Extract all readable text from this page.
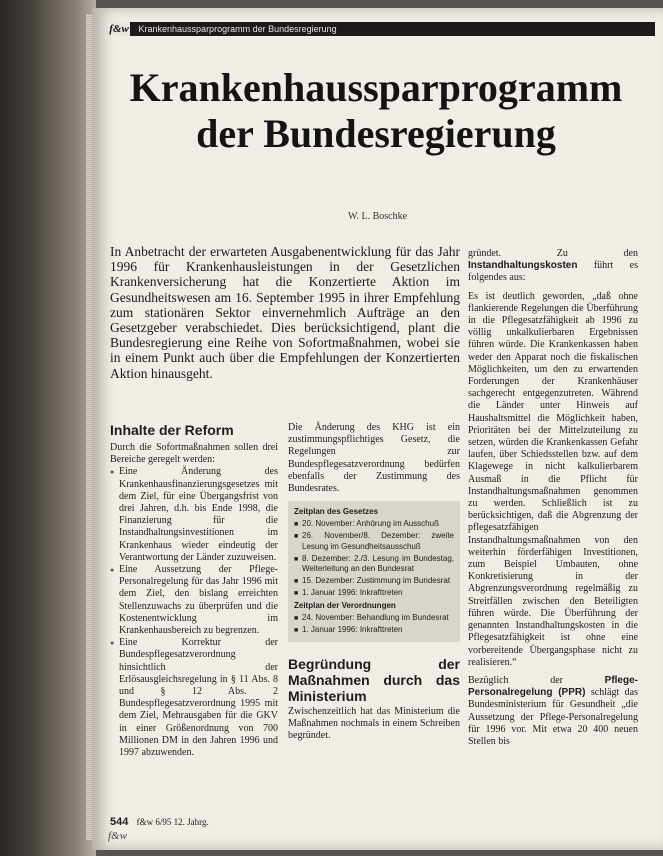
f&w Krankenhaussparprogramm der Bundesregierung
Krankenhaussparprogramm
der Bundesregierung
W. L. Boschke
In Anbetracht der erwarteten Ausgabenentwicklung für das Jahr 1996 für Krankenhausleistungen in der Gesetzlichen Krankenversicherung hat die Konzertierte Aktion im Gesundheitswesen am 16. September 1995 in ihrer Empfehlung zum stationären Sektor einvernehmlich Aufträge an den Gesetzgeber verabschiedet. Dies berücksichtigend, plant die Bundesregierung eine Reihe von Sofortmaßnahmen, wobei sie in einem Punkt auch über die Empfehlungen der Konzertierten Aktion hinausgeht.
Inhalte der Reform

Durch die Sofortmaßnahmen sollen drei Bereiche geregelt werden:

● Eine Änderung des Krankenhausfinanzierungsgesetzes mit dem Ziel, für eine Übergangsfrist von drei Jahren, d.h. bis Ende 1998, die Finanzierung für die Instandhaltungsinvestitionen im Krankenhaus wieder eindeutig der Verantwortung der Länder zuzuweisen.

● Eine Aussetzung der Pflege-Personalregelung für das Jahr 1996 mit dem Ziel, den bislang erreichten Stellenzuwachs zu überprüfen und die Kostenentwicklung im Krankenhausbereich zu begrenzen.

● Eine Korrektur der Bundespflegesatzverordnung hinsichtlich der Erlösausgleichsregelung in § 11 Abs. 8 und § 12 Abs. 2 Bundespflegesatzverordnung 1995 mit dem Ziel, Mehrausgaben für die GKV in einer Größenordnung von 700 Millionen DM in den Jahren 1996 und 1997 abzuwenden.

Die Änderung des KHG ist ein zustimmungspflichtiges Gesetz, die Regelungen zur Bundespflegesatzverordnung bedürfen ebenfalls der Zustimmung des Bundesrates.

Zeitplan des Gesetzes

■ 20. November: Anhörung im Ausschuß

■ 26. November/8. Dezember: zweite Lesung im Gesundheitsausschuß

■ 8. Dezember: 2./3. Lesung im Bundestag, Weiterleitung an den Bundesrat

■ 15. Dezember: Zustimmung im Bundesrat

■ 1. Januar 1996: Inkrafttreten

Zeitplan der Verordnungen

■ 24. November: Behandlung im Bundesrat

■ 1. Januar 1996: Inkrafttreten

Begründung der Maßnahmen durch das Ministerium

Zwischenzeitlich hat das Ministerium die Maßnahmen nochmals in einem Schreiben begründet.

gründet. Zu den Instandhaltungskosten führt es folgendes aus:

Es ist deutlich geworden, „daß ohne flankierende Regelungen die Überführung in die Pflegesatzfähigkeit ab 1996 zu völlig unkalkulierbaren Ergebnissen führen würde. Die Krankenkassen haben weder den Apparat noch die fiskalischen Möglichkeiten, um den zu erwartenden Forderungen der Krankenhäuser sachgerecht entgegenzutreten. Während die Länder unter Hinweis auf Haushaltsmittel die Möglichkeit haben, Prioritäten bei der Mittelzuteilung zu setzen, würden die Krankenkassen Gefahr laufen, über Schiedsstellen bzw. auf dem Klagewege in nicht kalkulierbarem Ausmaß in die Pflicht für Instandhaltungsmaßnahmen genommen zu werden. Schließlich ist zu berücksichtigen, daß die Abgrenzung der pflegesatzfähigen Instandhaltungsmaßnahmen von den weiterhin förderfähigen Investitionen, zum Beispiel Umbauten, ohne Konkretisierung in der Abgrenzungsverordnung regelmäßig zu Streitfällen zwischen den Beteiligten führen würde. Die Überführung der genannten Instandhaltungskosten in die Pflegesatzfähigkeit ist ohne eine vorbereitende Übergangsphase nicht zu realisieren.“

Bezüglich der Pflege-Personalregelung (PPR) schlägt das Bundesministerium für Gesundheit „die Aussetzung der Pflege-Personalregelung für 1996 vor. Mit etwa 20 400 neuen Stellen bis

544 f&w 6/95 12. Jahrg.
f&w
